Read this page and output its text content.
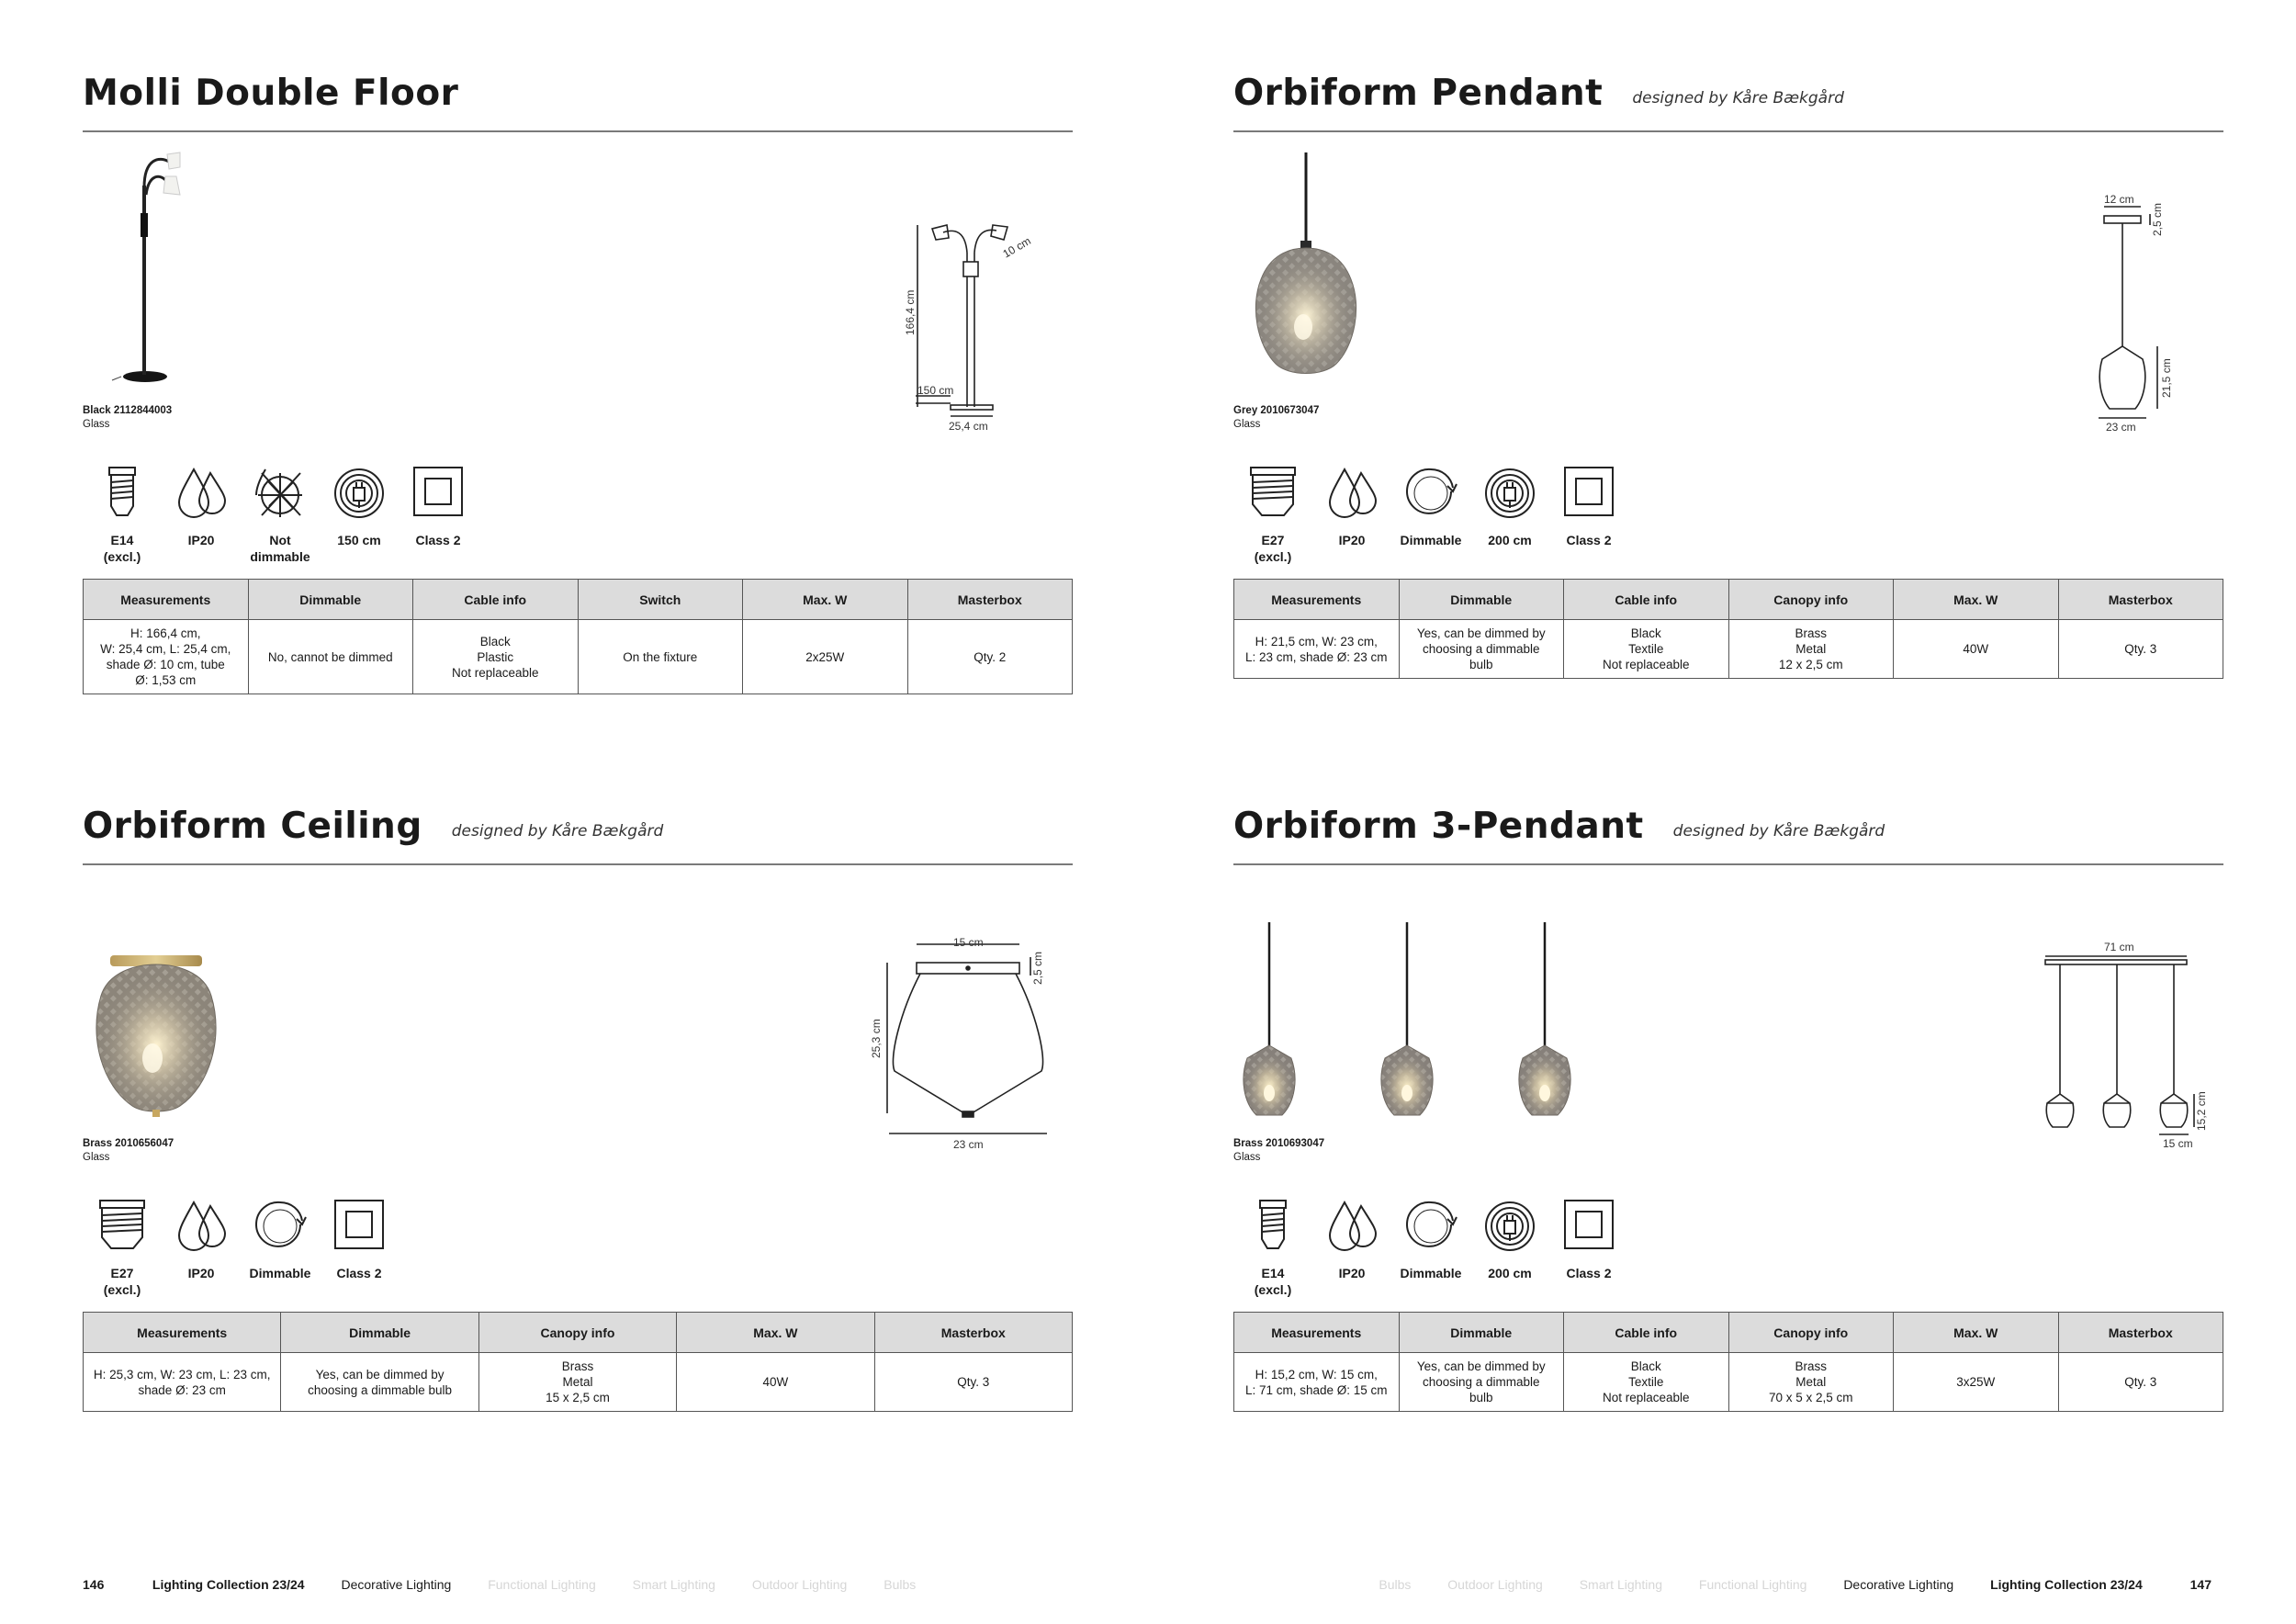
Molli Double Floor
Black 2112844003
Glass
166,4 cm
10 cm
150 cm
25,4 cm
E14
(excl.)
IP20	Not
dimmable
150 cm	Class 2
Measurements	Dimmable	Cable info	Switch	Max. W	Masterbox
H: 166,4 cm,
W: 25,4 cm, L: 25,4 cm,
shade Ø: 10 cm, tube
Ø: 1,53 cm	No, cannot be dimmed	Black
Plastic
Not replaceable	On the fixture	2x25W	Qty. 2
Orbiform Pendant designed by Kåre Bækgård
Grey 2010673047
Glass
12 cm
2,5 cm
21,5 cm
23 cm
E27
(excl.)
IP20	Dimmable 200 cm	Class 2
Measurements	Dimmable	Cable info	Canopy info	Max. W	Masterbox
H: 21,5 cm, W: 23 cm,
L: 23 cm, shade Ø: 23 cm	Yes, can be dimmed by
choosing a dimmable
bulb	Black
Textile
Not replaceable	Brass
Metal
12 x 2,5 cm	40W	Qty. 3
Orbiform Ceiling designed by Kåre Bækgård
Brass 2010656047
Glass
15 cm
2,5 cm
25,3 cm
23 cm
E27
(excl.)
IP20	Dimmable Class 2
Measurements	Dimmable	Canopy info	Max. W	Masterbox
H: 25,3 cm, W: 23 cm, L: 23 cm,
shade Ø: 23 cm	Yes, can be dimmed by
choosing a dimmable bulb	Brass
Metal
15 x 2,5 cm	40W	Qty. 3
Orbiform 3-Pendant designed by Kåre Bækgård
Brass 2010693047
Glass
71 cm
15,2 cm
15 cm
E14
(excl.)
IP20	Dimmable 200 cm	Class 2
Measurements	Dimmable	Cable info	Canopy info	Max. W	Masterbox
H: 15,2 cm, W: 15 cm,
L: 71 cm, shade Ø: 15 cm	Yes, can be dimmed by
choosing a dimmable
bulb	Black
Textile
Not replaceable	Brass
Metal
70 x 5 x 2,5 cm	3x25W	Qty. 3
146	Lighting Collection 23/24	Decorative Lighting	Functional Lighting	Smart Lighting	Outdoor Lighting	Bulbs	Bulbs	Outdoor Lighting	Smart Lighting	Functional Lighting	Decorative Lighting	Lighting Collection 23/24	147
